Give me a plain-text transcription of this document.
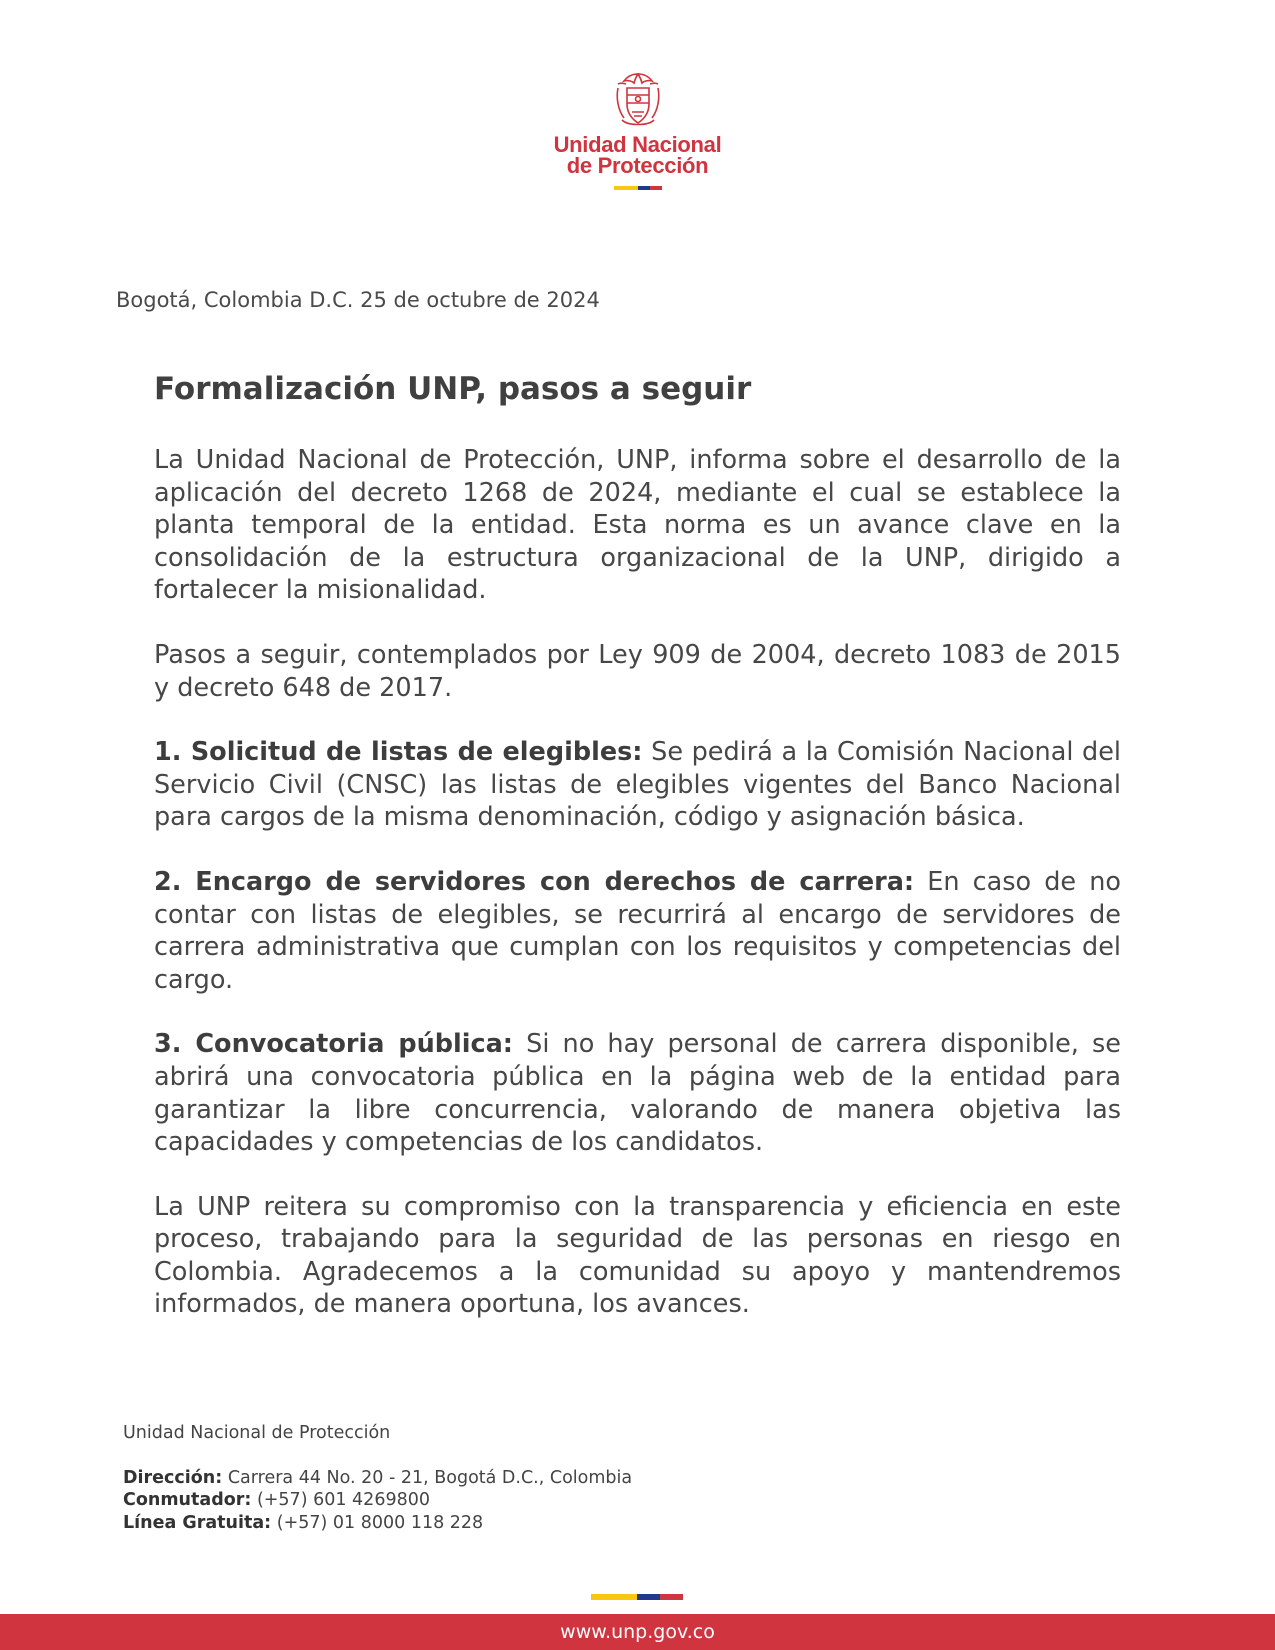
Unidad Nacional
de Protección
Bogotá, Colombia D.C. 25 de octubre de 2024
Formalización UNP, pasos a seguir

La Unidad Nacional de Protección, UNP, informa sobre el desarrollo de la aplicación del decreto 1268 de 2024, mediante el cual se establece la planta temporal de la entidad. Esta norma es un avance clave en la consolidación de la estructura organizacional de la UNP, dirigido a fortalecer la misionalidad.

Pasos a seguir, contemplados por Ley 909 de 2004, decreto 1083 de 2015 y decreto 648 de 2017.

1. Solicitud de listas de elegibles: Se pedirá a la Comisión Nacional del Servicio Civil (CNSC) las listas de elegibles vigentes del Banco Nacional para cargos de la misma denominación, código y asignación básica.

2. Encargo de servidores con derechos de carrera: En caso de no contar con listas de elegibles, se recurrirá al encargo de servidores de carrera administrativa que cumplan con los requisitos y competencias del cargo.

3. Convocatoria pública: Si no hay personal de carrera disponible, se abrirá una convocatoria pública en la página web de la entidad para garantizar la libre concurrencia, valorando de manera objetiva las capacidades y competencias de los candidatos.

La UNP reitera su compromiso con la transparencia y eficiencia en este proceso, trabajando para la seguridad de las personas en riesgo en Colombia. Agradecemos a la comunidad su apoyo y mantendremos informados, de manera oportuna, los avances.

Unidad Nacional de Protección
Dirección: Carrera 44 No. 20 - 21, Bogotá D.C., Colombia
Conmutador: (+57) 601 4269800
Línea Gratuita: (+57) 01 8000 118 228
www.unp.gov.co
